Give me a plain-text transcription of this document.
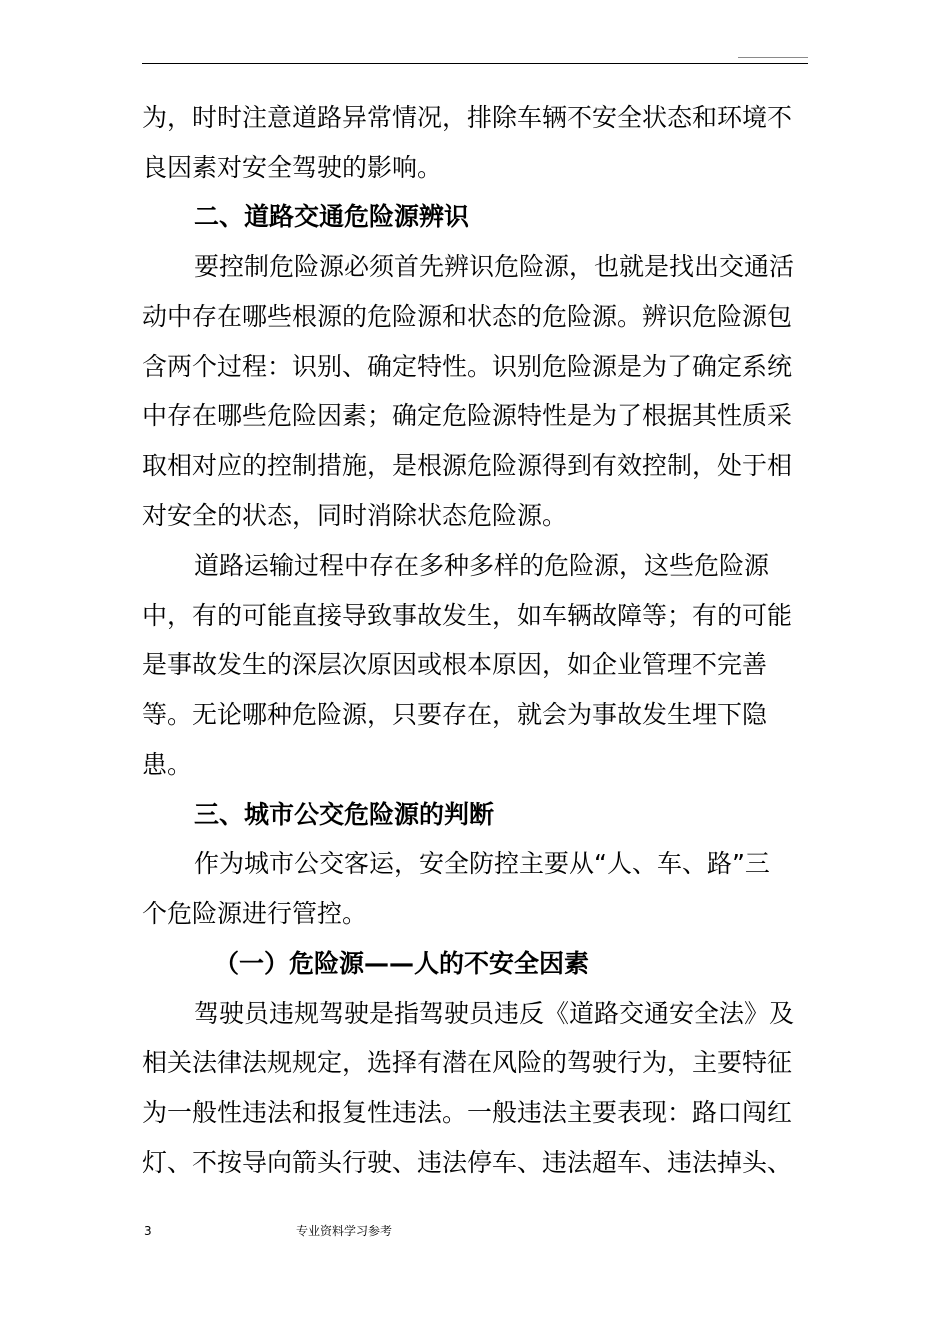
为，时时注意道路异常情况，排除车辆不安全状态和环境不
良因素对安全驾驶的影响。
二、道路交通危险源辨识
要控制危险源必须首先辨识危险源，也就是找出交通活
动中存在哪些根源的危险源和状态的危险源。辨识危险源包
含两个过程：识别、确定特性。识别危险源是为了确定系统
中存在哪些危险因素；确定危险源特性是为了根据其性质采
取相对应的控制措施，是根源危险源得到有效控制，处于相
对安全的状态，同时消除状态危险源。
道路运输过程中存在多种多样的危险源，这些危险源
中，有的可能直接导致事故发生，如车辆故障等；有的可能
是事故发生的深层次原因或根本原因，如企业管理不完善
等。无论哪种危险源，只要存在，就会为事故发生埋下隐
患。
三、城市公交危险源的判断
作为城市公交客运，安全防控主要从“人、车、路”三
个危险源进行管控。
（一）危险源——人的不安全因素
驾驶员违规驾驶是指驾驶员违反《道路交通安全法》及
相关法律法规规定，选择有潜在风险的驾驶行为，主要特征
为一般性违法和报复性违法。一般违法主要表现：路口闯红
灯、不按导向箭头行驶、违法停车、违法超车、违法掉头、
3	专业资料学习参考
